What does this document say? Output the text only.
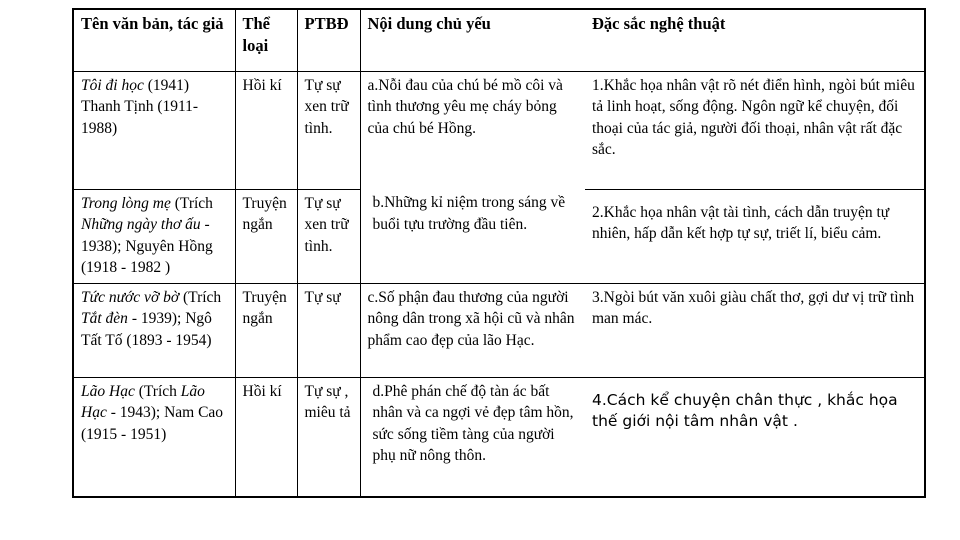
Tên văn bản, tác giả	Thể loại	PTBĐ	Nội dung chủ yếu	Đặc sắc nghệ thuật
Tôi đi học (1941) Thanh Tịnh (1911-1988)	Hồi kí	Tự sự xen trữ tình.	a.Nỗi đau của chú bé mồ côi và tình thương yêu mẹ cháy bỏng của chú bé Hồng.	1.Khắc họa nhân vật rõ nét điển hình, ngòi bút miêu tả linh hoạt, sống động. Ngôn ngữ kể chuyện, đối thoại của tác giả, người đối thoại, nhân vật rất đặc sắc.
Trong lòng mẹ (Trích Những ngày thơ ấu - 1938); Nguyên Hồng (1918 - 1982 )	Truyện ngắn	Tự sự xen trữ tình.	b.Những kỉ niệm trong sáng về buổi tựu trường đầu tiên.	2.Khắc họa nhân vật tài tình, cách dẫn truyện tự nhiên, hấp dẫn kết hợp tự sự, triết lí, biểu cảm.
Tức nước vỡ bờ (Trích Tắt đèn - 1939); Ngô Tất Tố (1893 - 1954)	Truyện ngắn	Tự sự	c.Số phận đau thương của người nông dân trong xã hội cũ và nhân phẩm cao đẹp của lão Hạc.	3.Ngòi bút văn xuôi giàu chất thơ, gợi dư vị trữ tình man mác.
Lão Hạc (Trích Lão Hạc - 1943); Nam Cao (1915 - 1951)	Hồi kí	Tự sự , miêu tả	d.Phê phán chế độ tàn ác bất nhân và ca ngợi vẻ đẹp tâm hồn, sức sống tiềm tàng của người phụ nữ nông thôn.	4.Cách kể chuyện chân thực , khắc họa thế giới nội tâm nhân vật .
